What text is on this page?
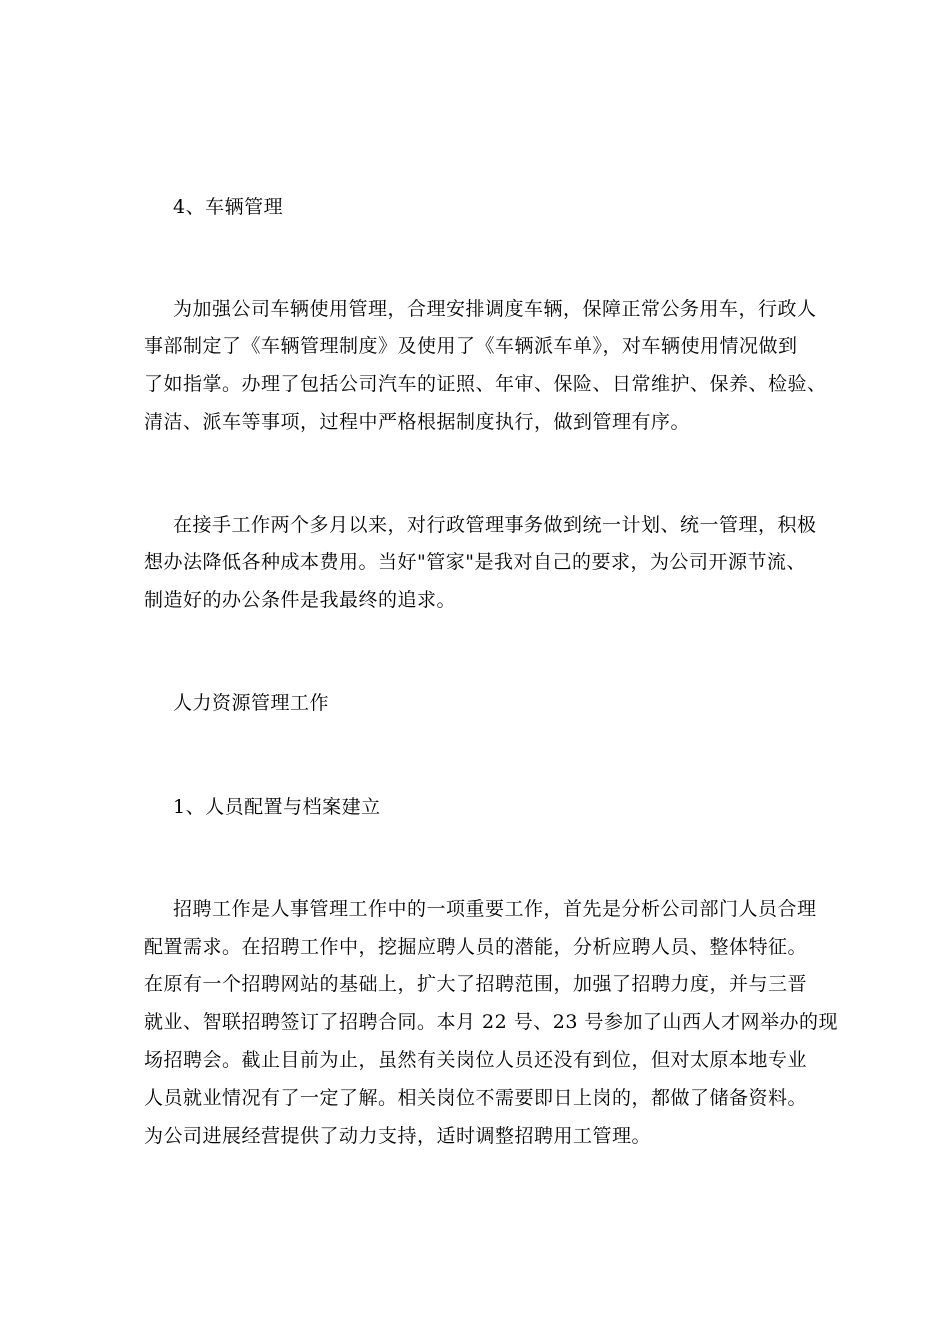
4、车辆管理
为加强公司车辆使用管理，合理安排调度车辆，保障正常公务用车，行政人
事部制定了《车辆管理制度》及使用了《车辆派车单》，对车辆使用情况做到
了如指掌。办理了包括公司汽车的证照、年审、保险、日常维护、保养、检验、
清洁、派车等事项，过程中严格根据制度执行，做到管理有序。
在接手工作两个多月以来，对行政管理事务做到统一计划、统一管理，积极
想办法降低各种成本费用。当好"管家"是我对自己的要求，为公司开源节流、
制造好的办公条件是我最终的追求。
人力资源管理工作
1、人员配置与档案建立
招聘工作是人事管理工作中的一项重要工作，首先是分析公司部门人员合理
配置需求。在招聘工作中，挖掘应聘人员的潜能，分析应聘人员、整体特征。
在原有一个招聘网站的基础上，扩大了招聘范围，加强了招聘力度，并与三晋
就业、智联招聘签订了招聘合同。本月 22 号、23 号参加了山西人才网举办的现
场招聘会。截止目前为止，虽然有关岗位人员还没有到位，但对太原本地专业
人员就业情况有了一定了解。相关岗位不需要即日上岗的，都做了储备资料。
为公司进展经营提供了动力支持，适时调整招聘用工管理。
